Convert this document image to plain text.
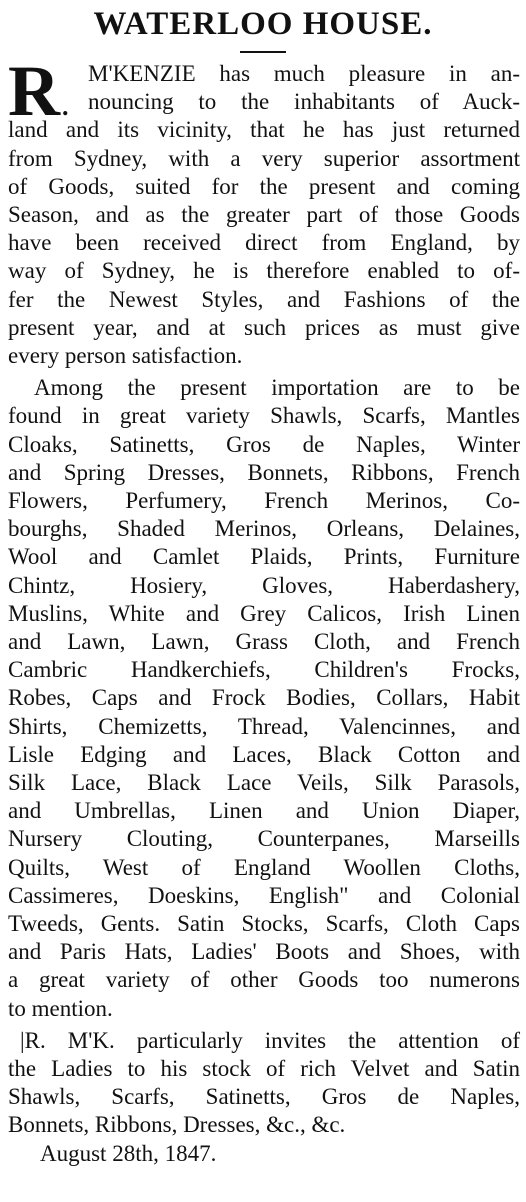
WATERLOO HOUSE.
R .
M'KENZIE has much pleasure in an-
nouncing to the inhabitants of Auck-
land and its vicinity, that he has just returned
from Sydney, with a very superior assortment
of Goods, suited for the present and coming
Season, and as the greater part of those Goods
have been received direct from England, by
way of Sydney, he is therefore enabled to of-
fer the Newest Styles, and Fashions of the
present year, and at such prices as must give
every person satisfaction.
Among the present importation are to be
found in great variety Shawls, Scarfs, Mantles
Cloaks, Satinetts, Gros de Naples, Winter
and Spring Dresses, Bonnets, Ribbons, French
Flowers, Perfumery, French Merinos, Co-
bourghs, Shaded Merinos, Orleans, Delaines,
Wool and Camlet Plaids, Prints, Furniture
Chintz, Hosiery, Gloves, Haberdashery,
Muslins, White and Grey Calicos, Irish Linen
and Lawn, Lawn, Grass Cloth, and French
Cambric Handkerchiefs, Children's Frocks,
Robes, Caps and Frock Bodies, Collars, Habit
Shirts, Chemizetts, Thread, Valencinnes, and
Lisle Edging and Laces, Black Cotton and
Silk Lace, Black Lace Veils, Silk Parasols,
and Umbrellas, Linen and Union Diaper,
Nursery Clouting, Counterpanes, Marseills
Quilts, West of England Woollen Cloths,
Cassimeres, Doeskins, English" and Colonial
Tweeds, Gents. Satin Stocks, Scarfs, Cloth Caps
and Paris Hats, Ladies' Boots and Shoes, with
a great variety of other Goods too numerons
to mention.
|R. M'K. particularly invites the attention of
the Ladies to his stock of rich Velvet and Satin
Shawls, Scarfs, Satinetts, Gros de Naples,
Bonnets, Ribbons, Dresses, &c., &c.
August 28th, 1847.
